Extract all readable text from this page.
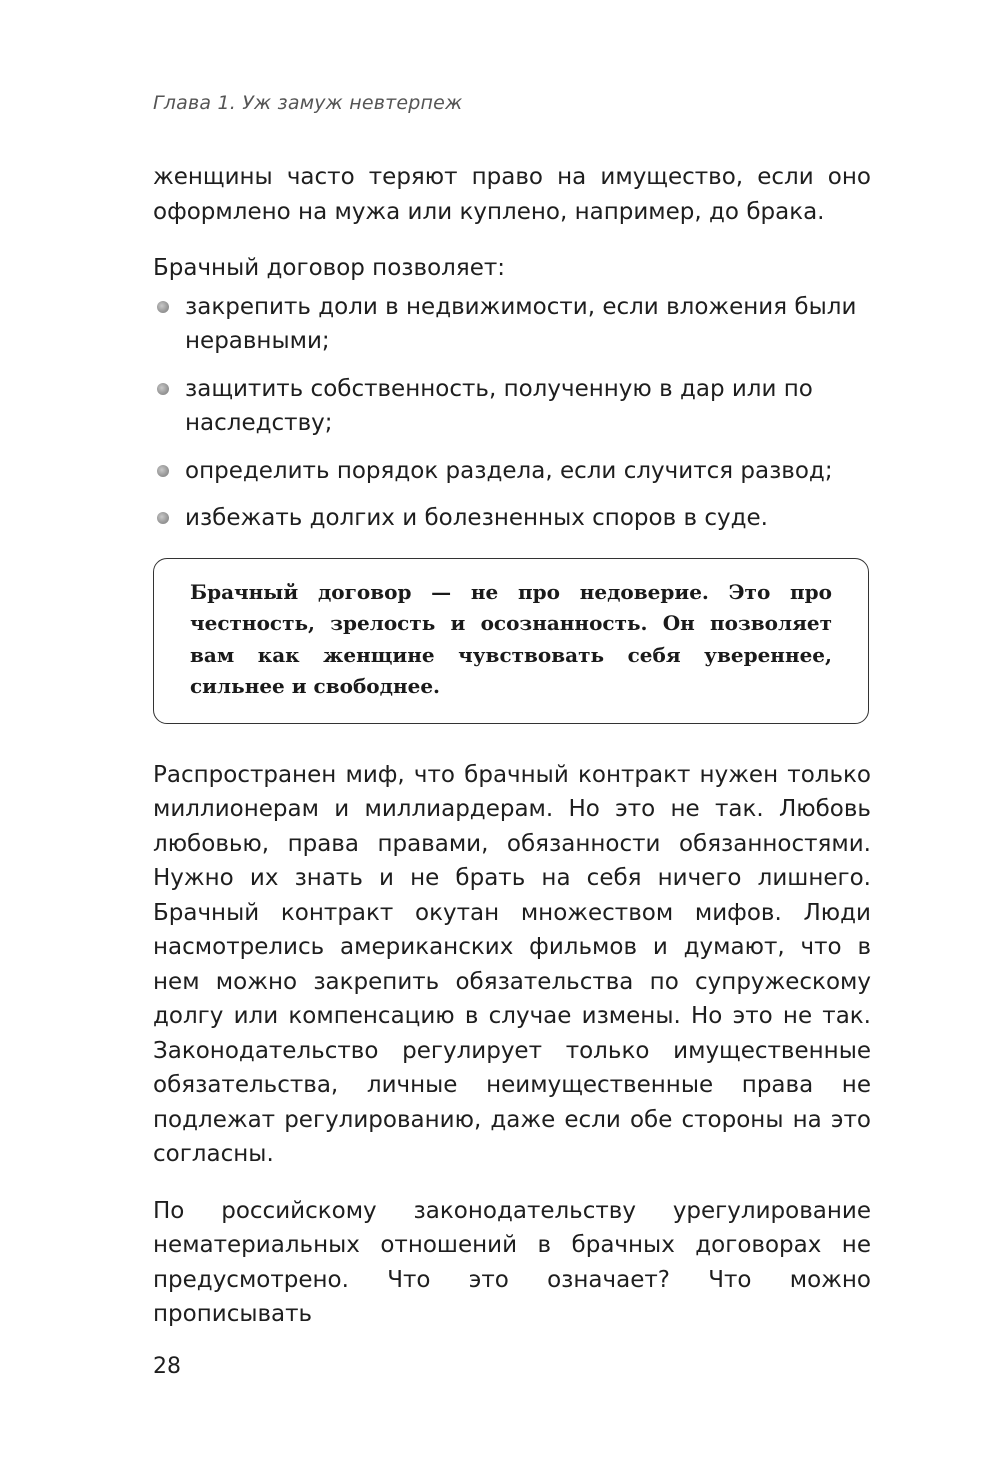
Глава 1. Уж замуж невтерпеж

женщины часто теряют право на имущество, если оно оформлено на мужа или куплено, например, до брака.

Брачный договор позволяет:

закрепить доли в недвижимости, если вложения были неравными;
защитить собственность, полученную в дар или по наследству;
определить порядок раздела, если случится развод;
избежать долгих и болезненных споров в суде.

Брачный договор — не про недоверие. Это про честность, зрелость и осознанность. Он позволяет вам как женщине чувствовать себя увереннее, сильнее и свободнее.

Распространен миф, что брачный контракт нужен только миллионерам и миллиардерам. Но это не так. Любовь любовью, права правами, обязанности обязанностями. Нужно их знать и не брать на себя ничего лишнего. Брачный контракт окутан множеством мифов. Люди насмотрелись американских фильмов и думают, что в нем можно закрепить обязательства по супружескому долгу или компенсацию в случае измены. Но это не так. Законодательство регулирует только имущественные обязательства, личные неимущественные права не подлежат регулированию, даже если обе стороны на это согласны.

По российскому законодательству урегулирование нематериальных отношений в брачных договорах не предусмотрено. Что это означает? Что можно прописывать

28
